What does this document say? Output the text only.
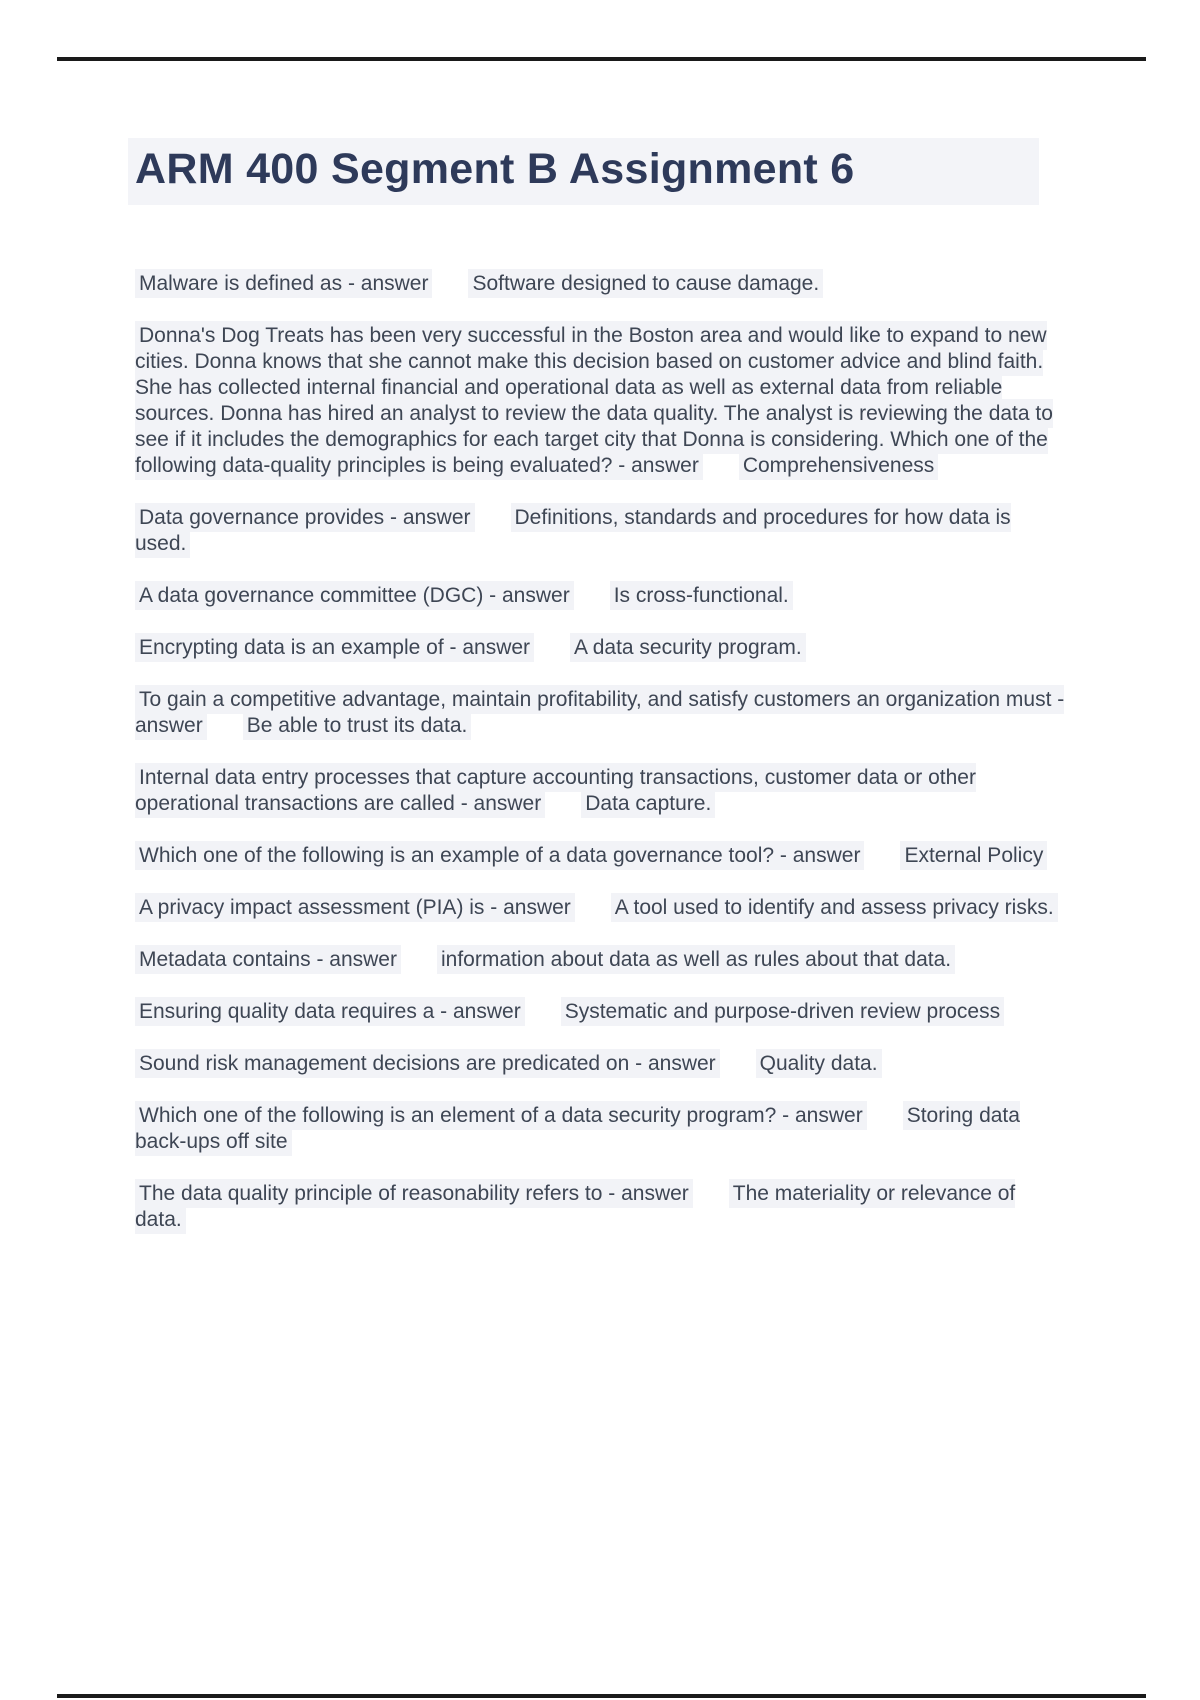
ARM 400 Segment B Assignment 6

Malware is defined as - answer Software designed to cause damage.

Donna's Dog Treats has been very successful in the Boston area and would like to expand to new cities. Donna knows that she cannot make this decision based on customer advice and blind faith. She has collected internal financial and operational data as well as external data from reliable sources. Donna has hired an analyst to review the data quality. The analyst is reviewing the data to see if it includes the demographics for each target city that Donna is considering. Which one of the following data-quality principles is being evaluated? - answer Comprehensiveness

Data governance provides - answer Definitions, standards and procedures for how data is used.

A data governance committee (DGC) - answer Is cross-functional.

Encrypting data is an example of - answer A data security program.

To gain a competitive advantage, maintain profitability, and satisfy customers an organization must - answer Be able to trust its data.

Internal data entry processes that capture accounting transactions, customer data or other operational transactions are called - answer Data capture.

Which one of the following is an example of a data governance tool? - answer External Policy

A privacy impact assessment (PIA) is - answer A tool used to identify and assess privacy risks.

Metadata contains - answer information about data as well as rules about that data.

Ensuring quality data requires a - answer Systematic and purpose-driven review process

Sound risk management decisions are predicated on - answer Quality data.

Which one of the following is an element of a data security program? - answer Storing data back-ups off site

The data quality principle of reasonability refers to - answer The materiality or relevance of data.
